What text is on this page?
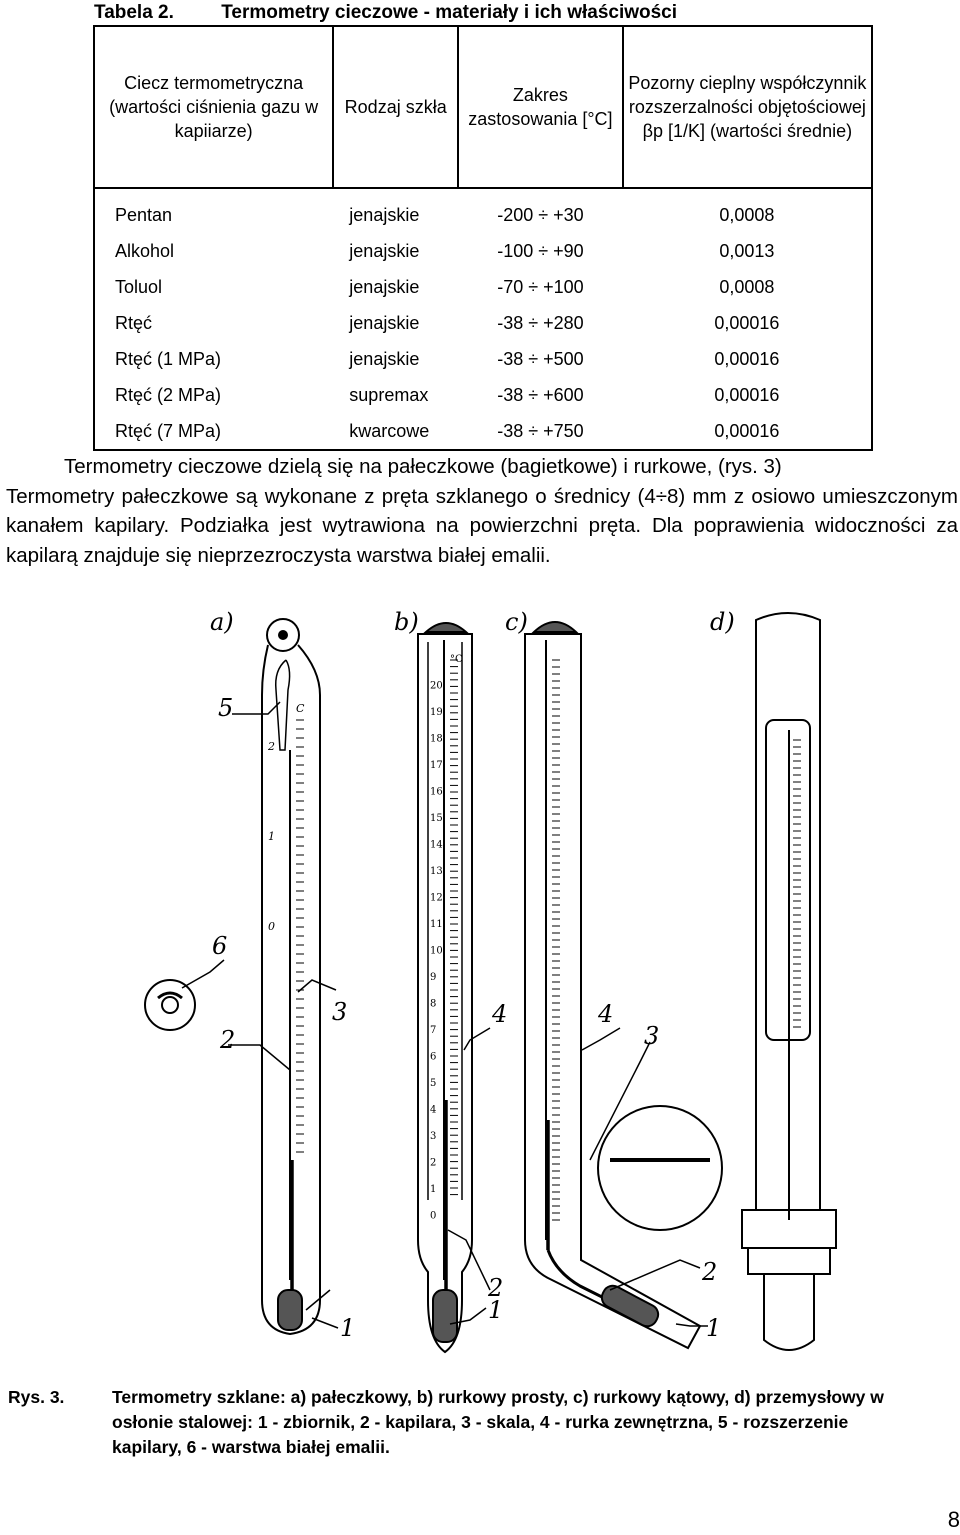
Tabela 2. Termometry cieczowe - materiały i ich właściwości
Ciecz termometryczna (wartości ciśnienia gazu w kapiiarze)	Rodzaj szkła	Zakres zastosowania [°C]	Pozorny cieplny współczynnik rozszerzalności objętościowej βp [1/K] (wartości średnie)

Pentan	jenajskie	-200 ÷ +30	0,0008
Alkohol	jenajskie	-100 ÷ +90	0,0013
Toluol	jenajskie	-70 ÷ +100	0,0008
Rtęć	jenajskie	-38 ÷ +280	0,00016
Rtęć (1 MPa)	jenajskie	-38 ÷ +500	0,00016
Rtęć (2 MPa)	supremax	-38 ÷ +600	0,00016
Rtęć (7 MPa)	kwarcowe	-38 ÷ +750	0,00016

Termometry cieczowe dzielą się na pałeczkowe (bagietkowe) i rurkowe, (rys. 3)

Termometry pałeczkowe są wykonane z pręta szklanego o średnicy (4÷8) mm z osiowo umieszczonym kanałem kapilary. Podziałka jest wytrawiona na powierzchni pręta. Dla poprawienia widoczności za kapilarą znajduje się nieprzezroczysta warstwa białej emalii.

a)	b)	c)	d)
5
3
6
2
1
4
2
1
4
3
2
1
C
2
1
0
°C
20
19
18
17
16
15
14
13
12
11
10
9
8
7
6
5
4
3
2
1
0
Rys. 3.	Termometry szklane: a) pałeczkowy, b) rurkowy prosty, c) rurkowy kątowy, d) przemysłowy w osłonie stalowej: 1 - zbiornik, 2 - kapilara, 3 - skala, 4 - rurka zewnętrzna, 5 - rozszerzenie kapilary, 6 - warstwa białej emalii.
8
